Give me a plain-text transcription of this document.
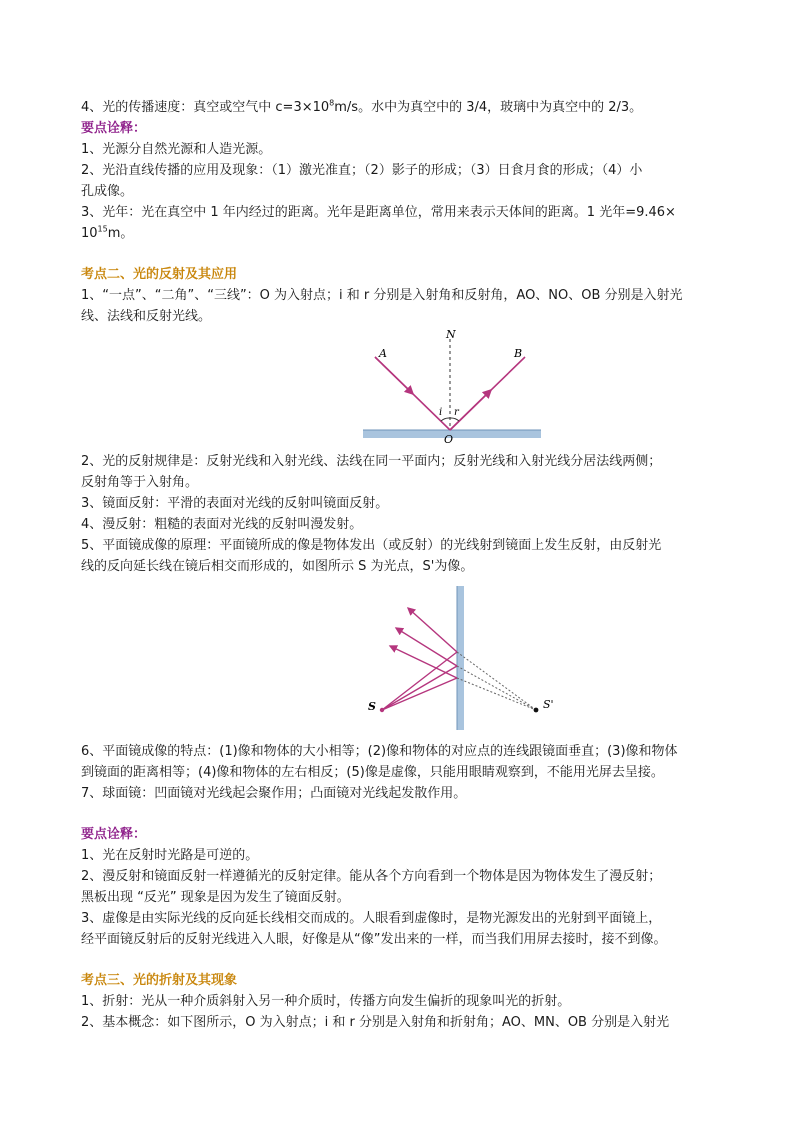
4、光的传播速度：真空或空气中 $c=3\times 10^8m/s$。水中为真空中的 3/4，玻璃中为真空中的 2/3。
要点诠释：
1、光源分自然光源和人造光源。
2、光沿直线传播的应用及现象：（1）激光准直；（2）影子的形成；（3）日食月食的形成；（4）小
孔成像。
3、光年：光在真空中 1 年内经过的距离。光年是距离单位，常用来表示天体间的距离。1 光年=9.46×
$10^{15}m$。
考点二、光的反射及其应用
1、“一点”、“二角”、“三线”：O 为入射点；i 和 r 分别是入射角和反射角，AO、NO、OB 分别是入射光
线、法线和反射光线。
A	B
N
i r
O
2、光的反射规律是：反射光线和入射光线、法线在同一平面内；反射光线和入射光线分居法线两侧；
反射角等于入射角。
3、镜面反射：平滑的表面对光线的反射叫镜面反射。
4、漫反射：粗糙的表面对光线的反射叫漫发射。
5、平面镜成像的原理：平面镜所成的像是物体发出（或反射）的光线射到镜面上发生反射，由反射光
线的反向延长线在镜后相交而形成的，如图所示 S 为光点，S'为像。
S	S'
6、平面镜成像的特点：(1)像和物体的大小相等；(2)像和物体的对应点的连线跟镜面垂直；(3)像和物体
到镜面的距离相等；(4)像和物体的左右相反；(5)像是虚像，只能用眼睛观察到，不能用光屏去呈接。
7、球面镜：凹面镜对光线起会聚作用；凸面镜对光线起发散作用。
要点诠释：
1、光在反射时光路是可逆的。
2、漫反射和镜面反射一样遵循光的反射定律。能从各个方向看到一个物体是因为物体发生了漫反射；
黑板出现 “反光” 现象是因为发生了镜面反射。
3、虚像是由实际光线的反向延长线相交而成的。人眼看到虚像时，是物光源发出的光射到平面镜上，
经平面镜反射后的反射光线进入人眼，好像是从“像”发出来的一样，而当我们用屏去接时，接不到像。
考点三、光的折射及其现象
1、折射：光从一种介质斜射入另一种介质时，传播方向发生偏折的现象叫光的折射。
2、基本概念：如下图所示，O 为入射点；i 和 r 分别是入射角和折射角；AO、MN、OB 分别是入射光
